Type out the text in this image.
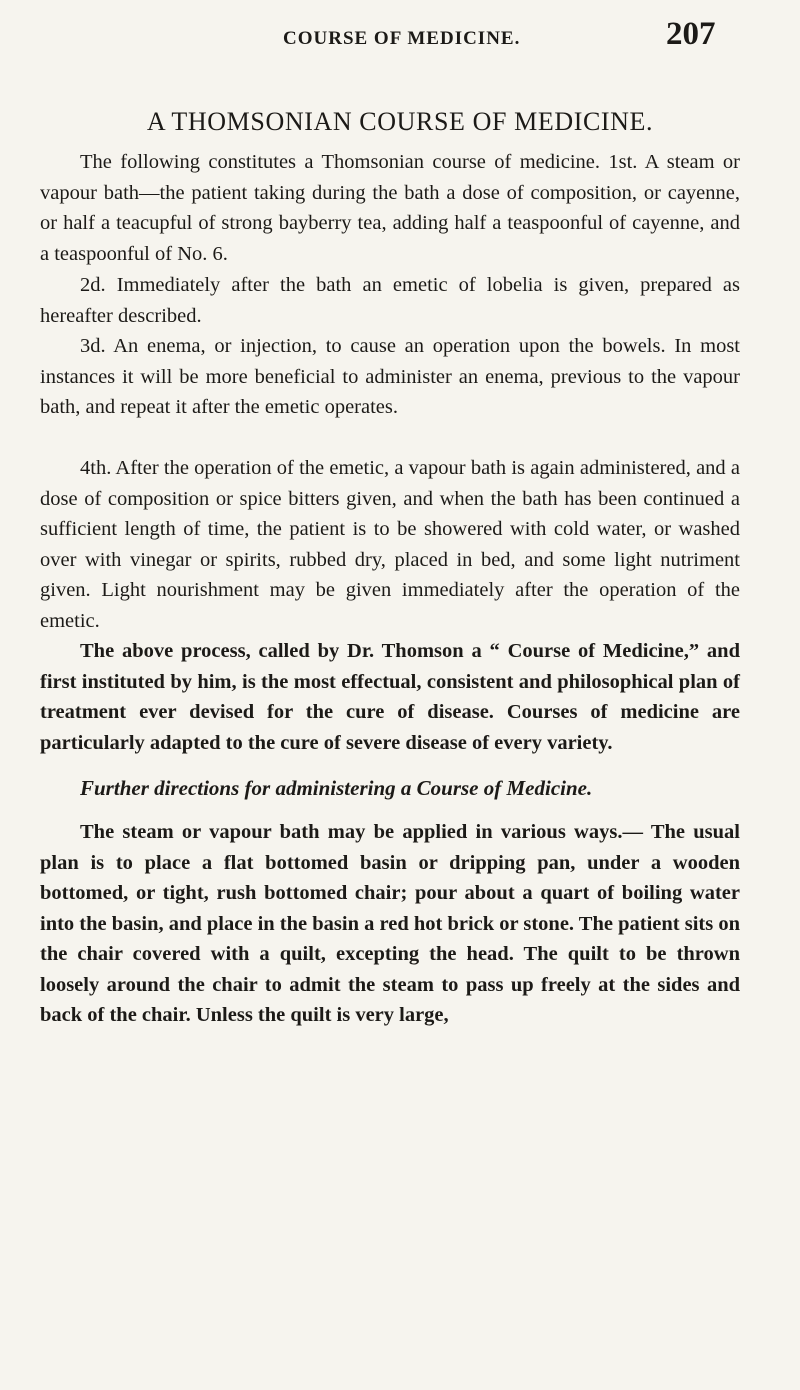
COURSE OF MEDICINE.	207
A THOMSONIAN COURSE OF MEDICINE.

The following constitutes a Thomsonian course of medicine. 1st. A steam or vapour bath—the patient taking during the bath a dose of composition, or cayenne, or half a teacupful of strong bayberry tea, adding half a teaspoonful of cayenne, and a teaspoonful of No. 6.

2d. Immediately after the bath an emetic of lobelia is given, prepared as hereafter described.

3d. An enema, or injection, to cause an operation upon the bowels. In most instances it will be more beneficial to administer an enema, previous to the vapour bath, and repeat it after the emetic operates.

4th. After the operation of the emetic, a vapour bath is again administered, and a dose of composition or spice bitters given, and when the bath has been continued a sufficient length of time, the patient is to be showered with cold water, or washed over with vinegar or spirits, rubbed dry, placed in bed, and some light nutriment given. Light nourishment may be given immediately after the operation of the emetic.

The above process, called by Dr. Thomson a “ Course of Medicine,” and first instituted by him, is the most effectual, consistent and philosophical plan of treatment ever devised for the cure of disease. Courses of medicine are particularly adapted to the cure of severe disease of every variety.

Further directions for administering a Course of Medicine.

The steam or vapour bath may be applied in various ways.— The usual plan is to place a flat bottomed basin or dripping pan, under a wooden bottomed, or tight, rush bottomed chair; pour about a quart of boiling water into the basin, and place in the basin a red hot brick or stone. The patient sits on the chair covered with a quilt, excepting the head. The quilt to be thrown loosely around the chair to admit the steam to pass up freely at the sides and back of the chair. Unless the quilt is very large,
